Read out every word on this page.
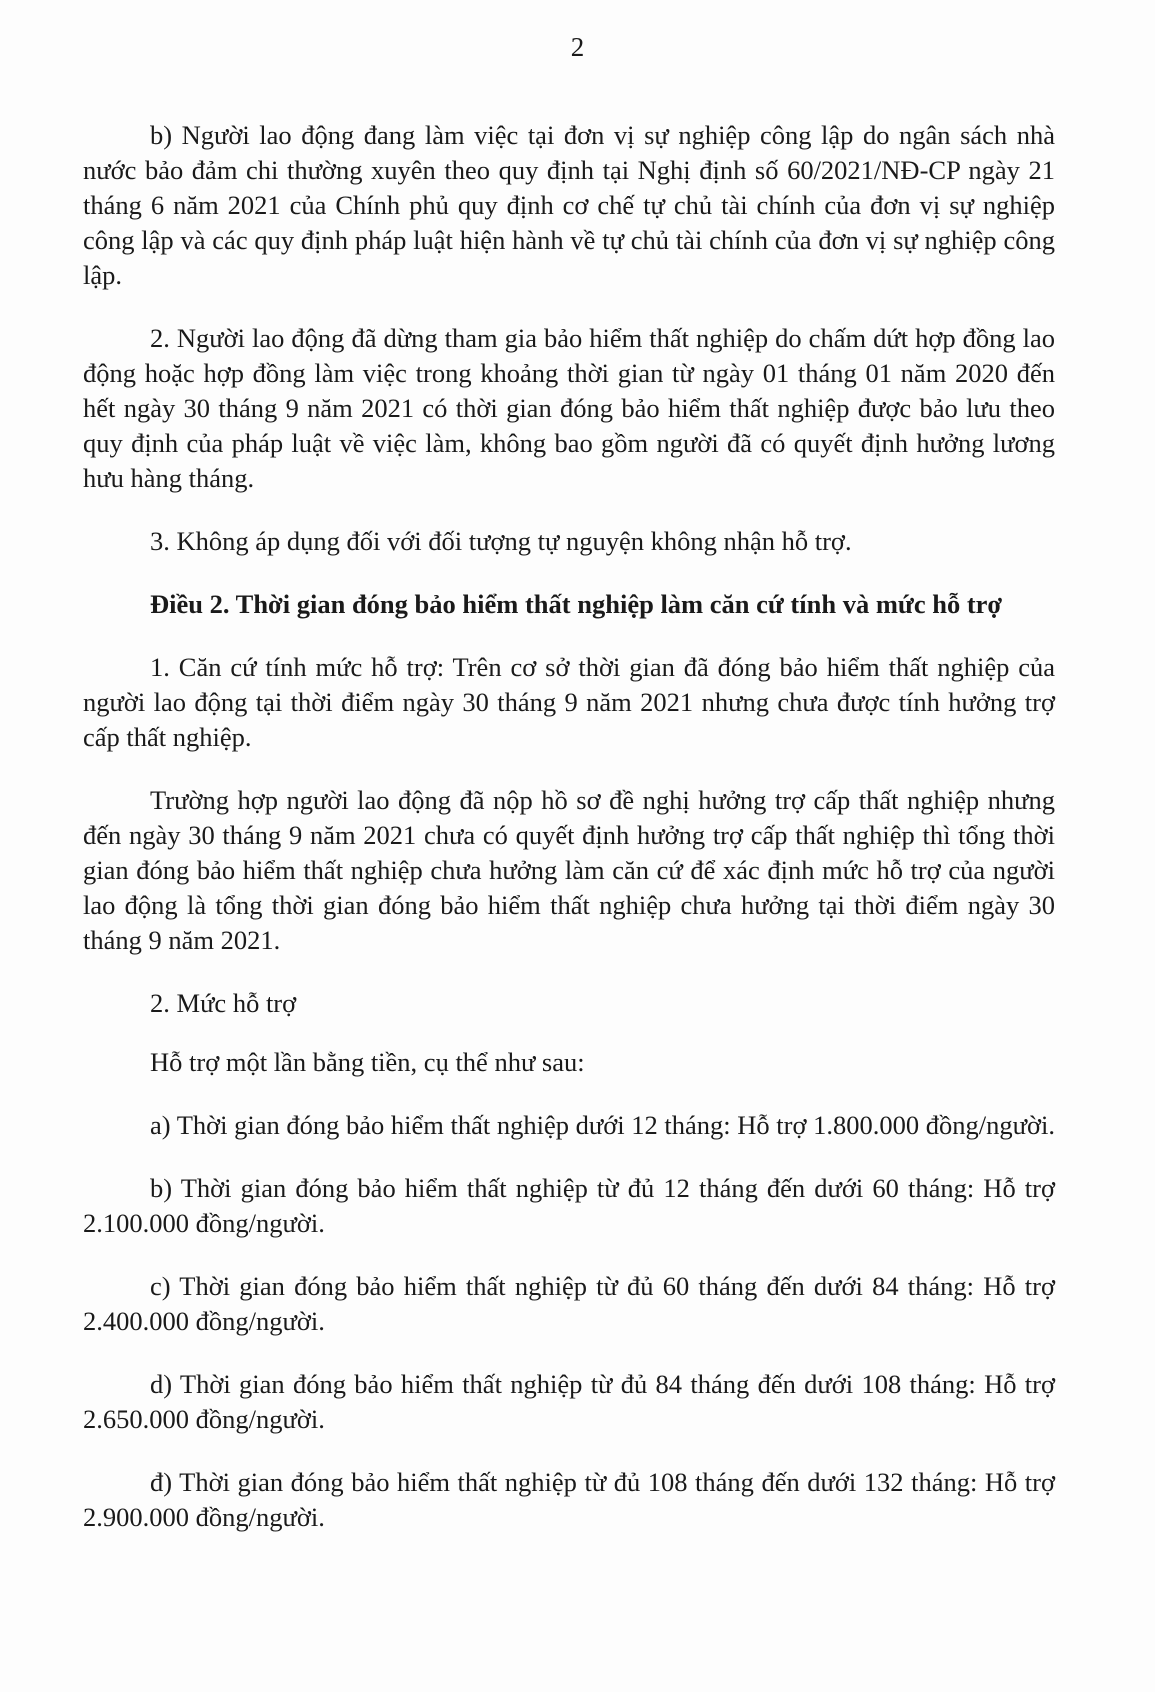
2

b) Người lao động đang làm việc tại đơn vị sự nghiệp công lập do ngân sách nhà nước bảo đảm chi thường xuyên theo quy định tại Nghị định số 60/2021/NĐ-CP ngày 21 tháng 6 năm 2021 của Chính phủ quy định cơ chế tự chủ tài chính của đơn vị sự nghiệp công lập và các quy định pháp luật hiện hành về tự chủ tài chính của đơn vị sự nghiệp công lập.

2. Người lao động đã dừng tham gia bảo hiểm thất nghiệp do chấm dứt hợp đồng lao động hoặc hợp đồng làm việc trong khoảng thời gian từ ngày 01 tháng 01 năm 2020 đến hết ngày 30 tháng 9 năm 2021 có thời gian đóng bảo hiểm thất nghiệp được bảo lưu theo quy định của pháp luật về việc làm, không bao gồm người đã có quyết định hưởng lương hưu hàng tháng.

3. Không áp dụng đối với đối tượng tự nguyện không nhận hỗ trợ.

Điều 2. Thời gian đóng bảo hiểm thất nghiệp làm căn cứ tính và mức hỗ trợ

1. Căn cứ tính mức hỗ trợ: Trên cơ sở thời gian đã đóng bảo hiểm thất nghiệp của người lao động tại thời điểm ngày 30 tháng 9 năm 2021 nhưng chưa được tính hưởng trợ cấp thất nghiệp.

Trường hợp người lao động đã nộp hồ sơ đề nghị hưởng trợ cấp thất nghiệp nhưng đến ngày 30 tháng 9 năm 2021 chưa có quyết định hưởng trợ cấp thất nghiệp thì tổng thời gian đóng bảo hiểm thất nghiệp chưa hưởng làm căn cứ để xác định mức hỗ trợ của người lao động là tổng thời gian đóng bảo hiểm thất nghiệp chưa hưởng tại thời điểm ngày 30 tháng 9 năm 2021.

2. Mức hỗ trợ

Hỗ trợ một lần bằng tiền, cụ thể như sau:

a) Thời gian đóng bảo hiểm thất nghiệp dưới 12 tháng: Hỗ trợ 1.800.000 đồng/người.

b) Thời gian đóng bảo hiểm thất nghiệp từ đủ 12 tháng đến dưới 60 tháng: Hỗ trợ 2.100.000 đồng/người.

c) Thời gian đóng bảo hiểm thất nghiệp từ đủ 60 tháng đến dưới 84 tháng: Hỗ trợ 2.400.000 đồng/người.

d) Thời gian đóng bảo hiểm thất nghiệp từ đủ 84 tháng đến dưới 108 tháng: Hỗ trợ 2.650.000 đồng/người.

đ) Thời gian đóng bảo hiểm thất nghiệp từ đủ 108 tháng đến dưới 132 tháng: Hỗ trợ 2.900.000 đồng/người.
